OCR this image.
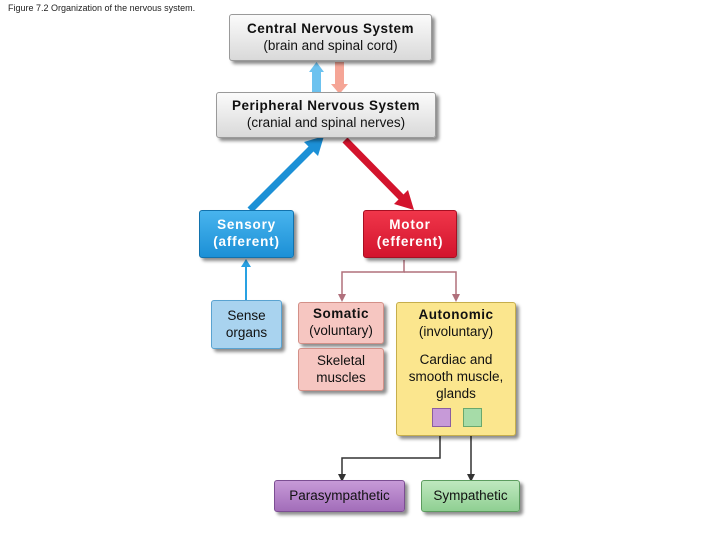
Figure 7.2 Organization of the nervous system.
Central Nervous System
(brain and spinal cord)
Peripheral Nervous System
(cranial and spinal nerves)
Sensory
(afferent)
Motor
(efferent)
Sense
organs
Somatic
(voluntary)
Skeletal
muscles
Autonomic
(involuntary)
Cardiac and
smooth muscle,
glands
Parasympathetic	Sympathetic
